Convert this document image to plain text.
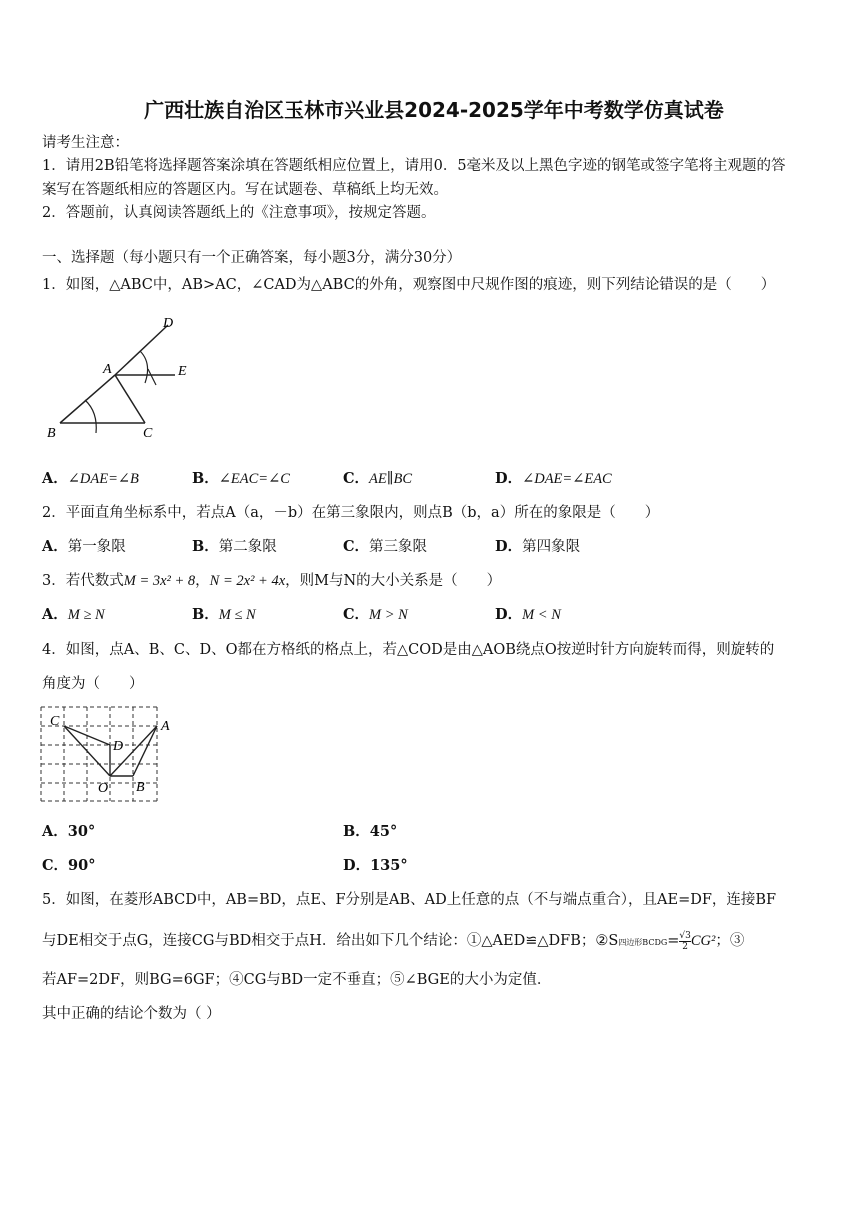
广西壮族自治区玉林市兴业县2024-2025学年中考数学仿真试卷
请考生注意：
1．请用2B铅笔将选择题答案涂填在答题纸相应位置上，请用0．5毫米及以上黑色字迹的钢笔或签字笔将主观题的答
案写在答题纸相应的答题区内。写在试题卷、草稿纸上均无效。
2．答题前，认真阅读答题纸上的《注意事项》，按规定答题。
一、选择题（每小题只有一个正确答案，每小题3分，满分30分）
1．如图，△ABC中，AB>AC，∠CAD为△ABC的外角，观察图中尺规作图的痕迹，则下列结论错误的是（　　）
D
A	E
B	C
A．∠DAE=∠B	B．∠EAC=∠C	C．AE∥BC	D．∠DAE=∠EAC
2．平面直角坐标系中，若点A（a，－b）在第三象限内，则点B（b，a）所在的象限是（　　）
A．第一象限	B．第二象限	C．第三象限	D．第四象限
3．若代数式M = 3x² + 8，N = 2x² + 4x，则M与N的大小关系是（　　）
A．M ≥ N	B．M ≤ N	C．M > N	D．M < N
4．如图，点A、B、C、D、O都在方格纸的格点上，若△COD是由△AOB绕点O按逆时针方向旋转而得，则旋转的
角度为（　　）
C	A
D
O B
A．30°	B．45°
C．90°	D．135°
5．如图，在菱形ABCD中，AB=BD，点E、F分别是AB、AD上任意的点（不与端点重合），且AE=DF，连接BF
与DE相交于点G，连接CG与BD相交于点H．给出如下几个结论：①△AED≌△DFB；②S四边形BCDG= $\frac{√3}{2} CG^2$；③
若AF=2DF，则BG=6GF；④CG与BD一定不垂直；⑤∠BGE的大小为定值．
其中正确的结论个数为（ ）
